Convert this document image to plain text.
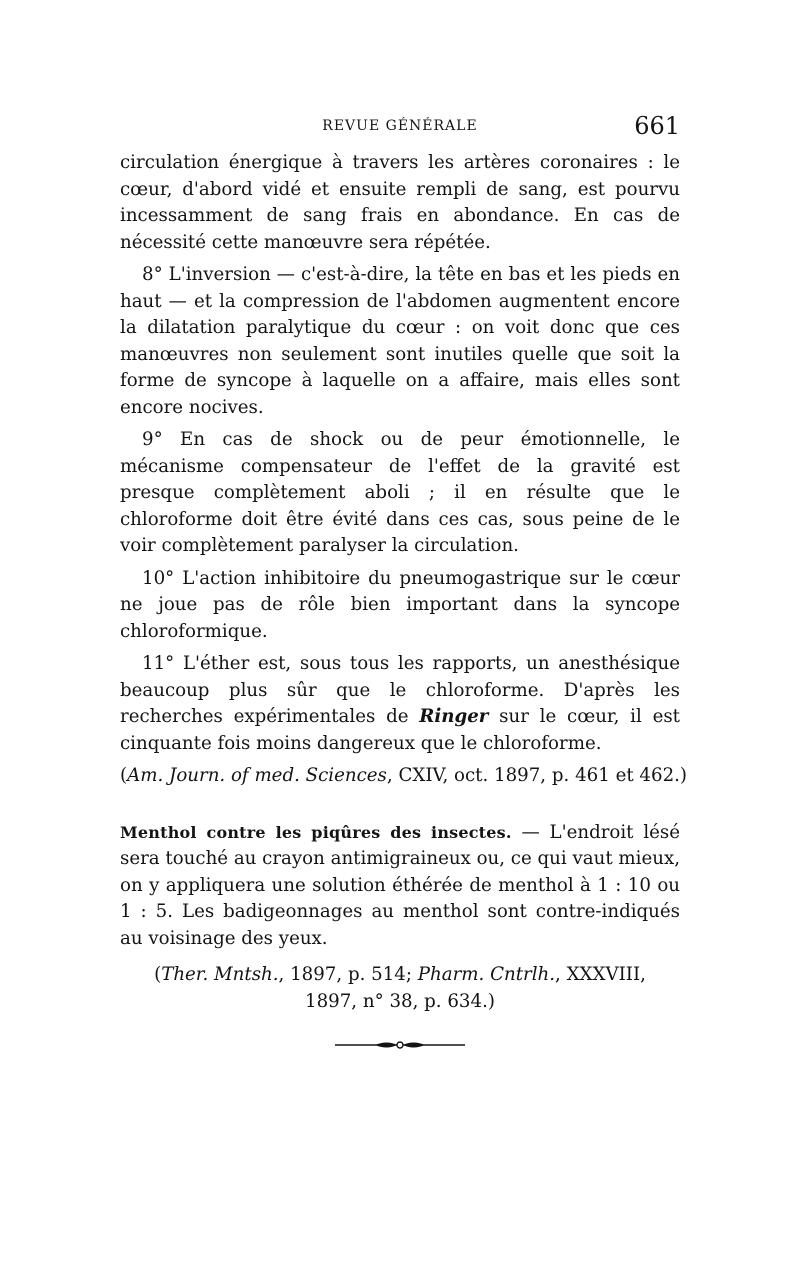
REVUE GÉNÉRALE	661

circulation énergique à travers les artères coronaires : le cœur, d'abord vidé et ensuite rempli de sang, est pourvu incessamment de sang frais en abondance. En cas de nécessité cette manœuvre sera répétée.

8° L'inversion — c'est-à-dire, la tête en bas et les pieds en haut — et la compression de l'abdomen augmentent encore la dilatation paralytique du cœur : on voit donc que ces manœuvres non seulement sont inutiles quelle que soit la forme de syncope à laquelle on a affaire, mais elles sont encore nocives.

9° En cas de shock ou de peur émotionnelle, le mécanisme compensateur de l'effet de la gravité est presque complètement aboli ; il en résulte que le chloroforme doit être évité dans ces cas, sous peine de le voir complètement paralyser la circulation.

10° L'action inhibitoire du pneumogastrique sur le cœur ne joue pas de rôle bien important dans la syncope chloroformique.

11° L'éther est, sous tous les rapports, un anesthésique beaucoup plus sûr que le chloroforme. D'après les recherches expérimentales de Ringer sur le cœur, il est cinquante fois moins dangereux que le chloroforme.

(Am. Journ. of med. Sciences, CXIV, oct. 1897, p. 461 et 462.)

Menthol contre les piqûres des insectes. — L'endroit lésé sera touché au crayon antimigraineux ou, ce qui vaut mieux, on y appliquera une solution éthérée de menthol à 1 : 10 ou 1 : 5. Les badigeonnages au menthol sont contre-indiqués au voisinage des yeux.

(Ther. Mntsh., 1897, p. 514; Pharm. Cntrlh., XXXVIII,
1897, n° 38, p. 634.)
